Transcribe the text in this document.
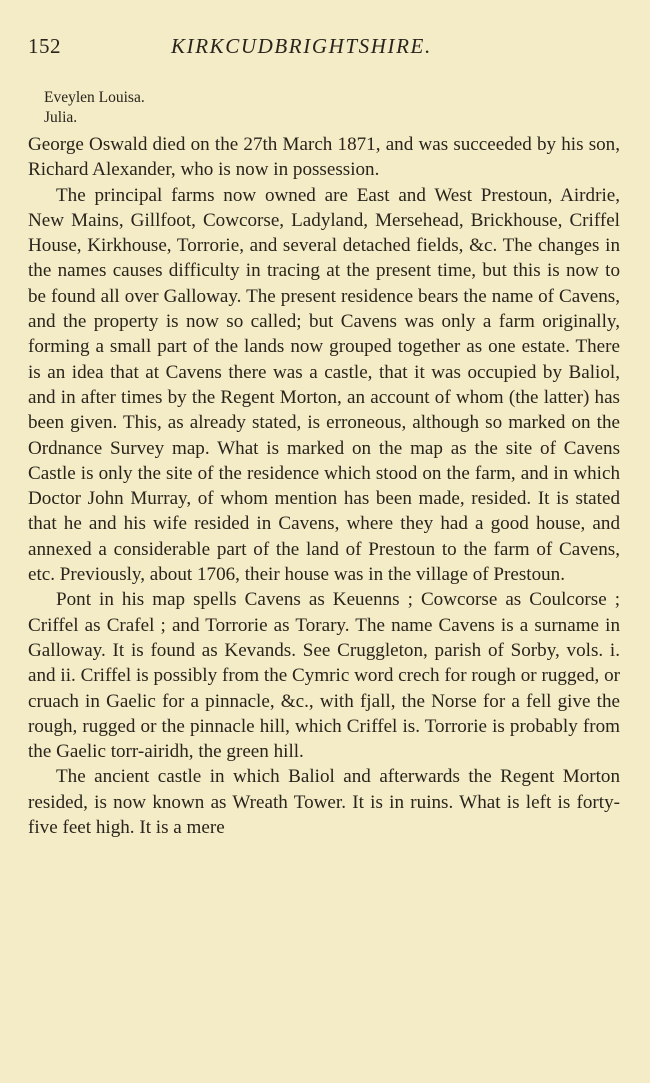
152	KIRKCUDBRIGHTSHIRE.
Eveylen Louisa.
Julia.

George Oswald died on the 27th March 1871, and was succeeded by his son, Richard Alexander, who is now in possession.

The principal farms now owned are East and West Prestoun, Airdrie, New Mains, Gillfoot, Cowcorse, Ladyland, Mersehead, Brickhouse, Criffel House, Kirkhouse, Torrorie, and several detached fields, &c. The changes in the names causes difficulty in tracing at the present time, but this is now to be found all over Galloway. The present residence bears the name of Cavens, and the property is now so called; but Cavens was only a farm originally, forming a small part of the lands now grouped together as one estate. There is an idea that at Cavens there was a castle, that it was occupied by Baliol, and in after times by the Regent Morton, an account of whom (the latter) has been given. This, as already stated, is erroneous, although so marked on the Ordnance Survey map. What is marked on the map as the site of Cavens Castle is only the site of the residence which stood on the farm, and in which Doctor John Murray, of whom mention has been made, resided. It is stated that he and his wife resided in Cavens, where they had a good house, and annexed a considerable part of the land of Prestoun to the farm of Cavens, etc. Previously, about 1706, their house was in the village of Prestoun.

Pont in his map spells Cavens as Keuenns ; Cowcorse as Coulcorse ; Criffel as Crafel ; and Torrorie as Torary. The name Cavens is a surname in Galloway. It is found as Kevands. See Cruggleton, parish of Sorby, vols. i. and ii. Criffel is possibly from the Cymric word crech for rough or rugged, or cruach in Gaelic for a pinnacle, &c., with fjall, the Norse for a fell give the rough, rugged or the pinnacle hill, which Criffel is. Torrorie is probably from the Gaelic torr-airidh, the green hill.

The ancient castle in which Baliol and afterwards the Regent Morton resided, is now known as Wreath Tower. It is in ruins. What is left is forty-five feet high. It is a mere
